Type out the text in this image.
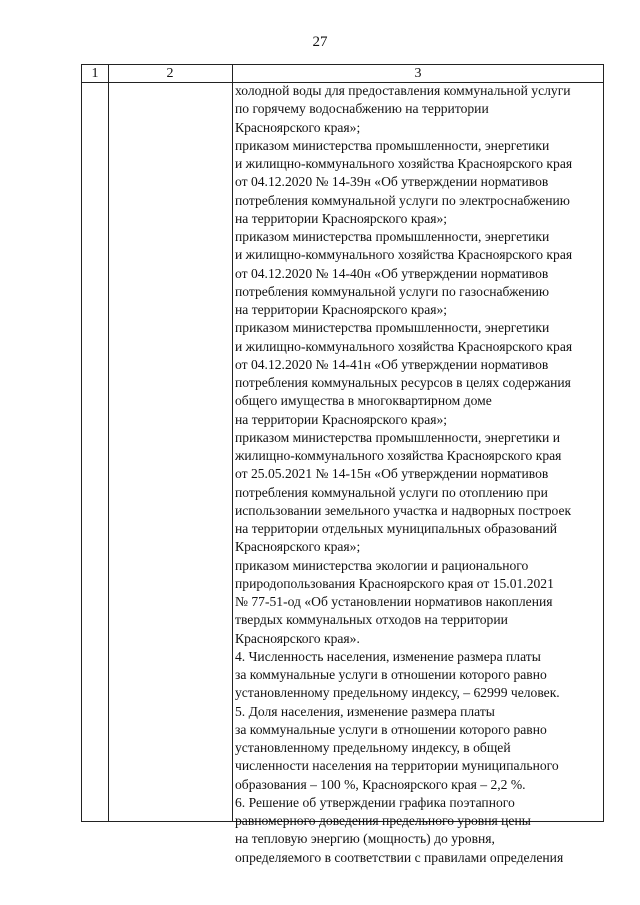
27
1	2	3
холодной воды для предоставления коммунальной услуги
по горячему водоснабжению на территории
Красноярского края»;
приказом министерства промышленности, энергетики
и жилищно-коммунального хозяйства Красноярского края
от 04.12.2020 № 14-39н «Об утверждении нормативов
потребления коммунальной услуги по электроснабжению
на территории Красноярского края»;
приказом министерства промышленности, энергетики
и жилищно-коммунального хозяйства Красноярского края
от 04.12.2020 № 14-40н «Об утверждении нормативов
потребления коммунальной услуги по газоснабжению
на территории Красноярского края»;
приказом министерства промышленности, энергетики
и жилищно-коммунального хозяйства Красноярского края
от 04.12.2020 № 14-41н «Об утверждении нормативов
потребления коммунальных ресурсов в целях содержания
общего имущества в многоквартирном доме
на территории Красноярского края»;
приказом министерства промышленности, энергетики и
жилищно-коммунального хозяйства Красноярского края
от 25.05.2021 № 14-15н «Об утверждении нормативов
потребления коммунальной услуги по отоплению при
использовании земельного участка и надворных построек
на территории отдельных муниципальных образований
Красноярского края»;
приказом министерства экологии и рационального
природопользования Красноярского края от 15.01.2021
№ 77-51-од «Об установлении нормативов накопления
твердых коммунальных отходов на территории
Красноярского края».
4. Численность населения, изменение размера платы
за коммунальные услуги в отношении которого равно
установленному предельному индексу, – 62999 человек.
5. Доля населения, изменение размера платы
за коммунальные услуги в отношении которого равно
установленному предельному индексу, в общей
численности населения на территории муниципального
образования – 100 %, Красноярского края – 2,2 %.
6. Решение об утверждении графика поэтапного
равномерного доведения предельного уровня цены
на тепловую энергию (мощность) до уровня,
определяемого в соответствии с правилами определения
